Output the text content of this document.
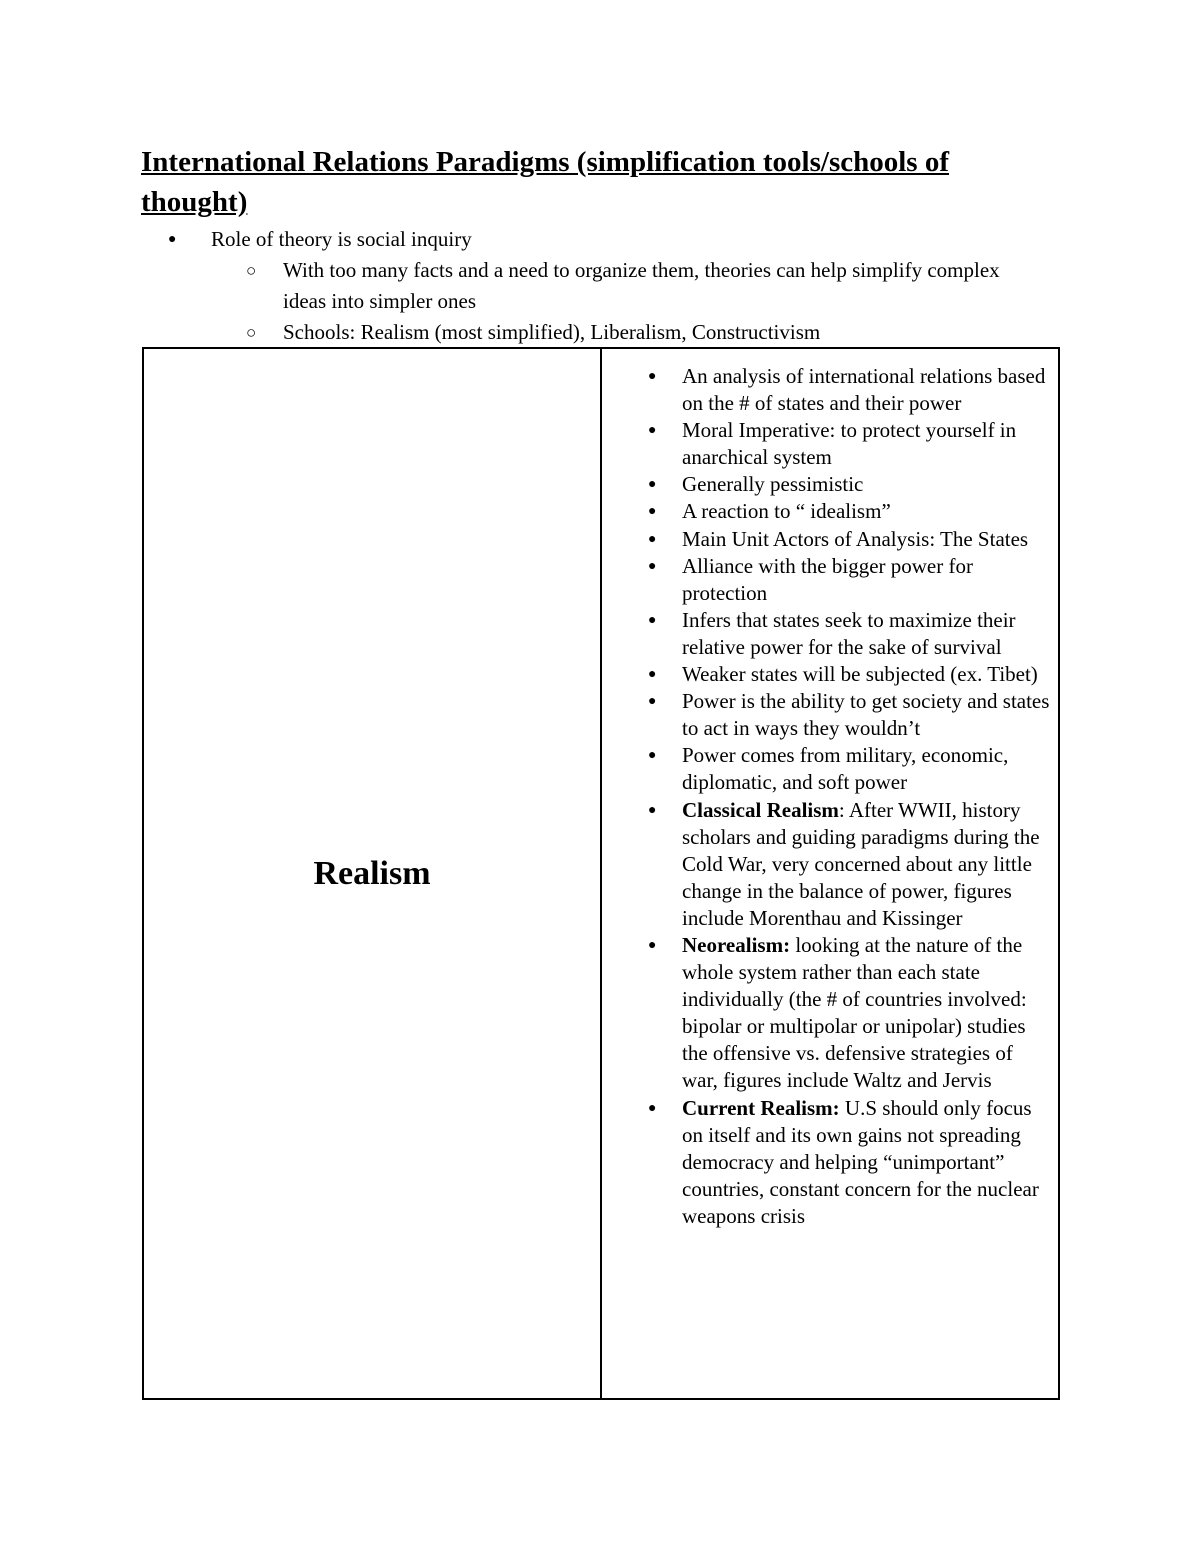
International Relations Paradigms (simplification tools/schools of thought)
● Role of theory is social inquiry
○ With too many facts and a need to organize them, theories can help simplify complex ideas into simpler ones
○ Schools: Realism (most simplified), Liberalism, Constructivism

Realism

● An analysis of international relations based on the # of states and their power
● Moral Imperative: to protect yourself in anarchical system
● Generally pessimistic
● A reaction to “ idealism”
● Main Unit Actors of Analysis: The States
● Alliance with the bigger power for protection
● Infers that states seek to maximize their relative power for the sake of survival
● Weaker states will be subjected (ex. Tibet)
● Power is the ability to get society and states to act in ways they wouldn’t
● Power comes from military, economic, diplomatic, and soft power
● Classical Realism: After WWII, history scholars and guiding paradigms during the Cold War, very concerned about any little change in the balance of power, figures include Morenthau and Kissinger
● Neorealism: looking at the nature of the whole system rather than each state individually (the # of countries involved: bipolar or multipolar or unipolar) studies the offensive vs. defensive strategies of war, figures include Waltz and Jervis
● Current Realism: U.S should only focus on itself and its own gains not spreading democracy and helping “unimportant” countries, constant concern for the nuclear weapons crisis
